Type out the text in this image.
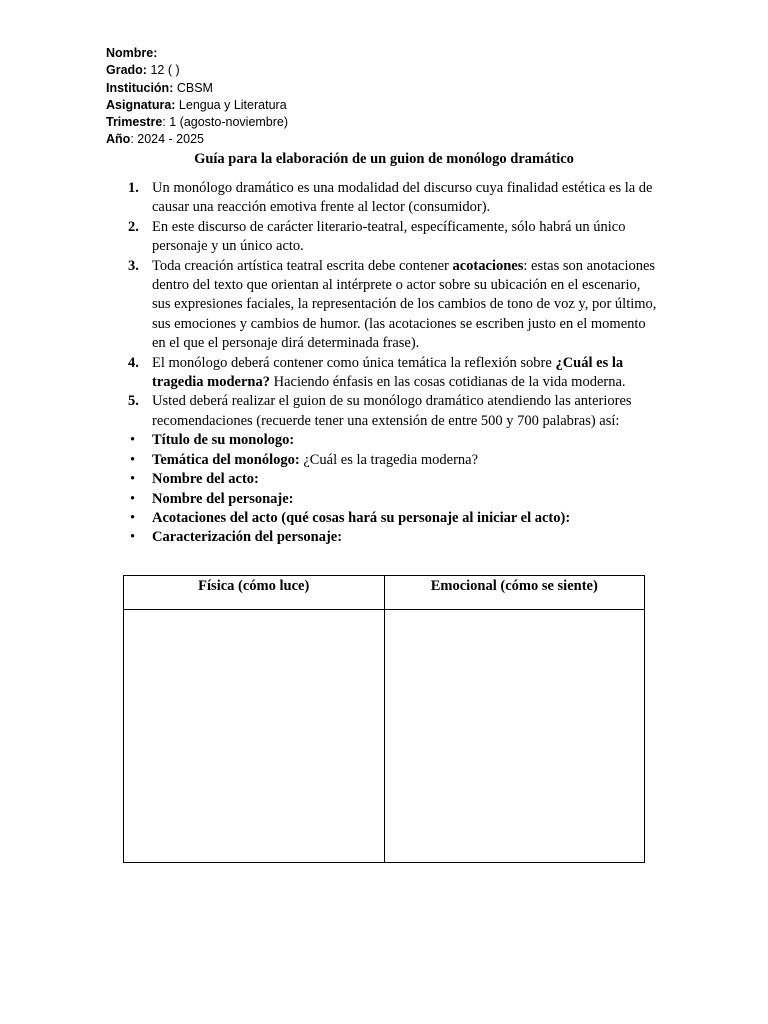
Nombre:
Grado: 12 ( )
Institución: CBSM
Asignatura: Lengua y Literatura
Trimestre: 1 (agosto-noviembre)
Año: 2024 - 2025
Guía para la elaboración de un guion de monólogo dramático
1. Un monólogo dramático es una modalidad del discurso cuya finalidad estética es la de causar una reacción emotiva frente al lector (consumidor).
2. En este discurso de carácter literario-teatral, específicamente, sólo habrá un único personaje y un único acto.
3. Toda creación artística teatral escrita debe contener acotaciones: estas son anotaciones dentro del texto que orientan al intérprete o actor sobre su ubicación en el escenario, sus expresiones faciales, la representación de los cambios de tono de voz y, por último, sus emociones y cambios de humor. (las acotaciones se escriben justo en el momento en el que el personaje dirá determinada frase).
4. El monólogo deberá contener como única temática la reflexión sobre ¿Cuál es la tragedia moderna? Haciendo énfasis en las cosas cotidianas de la vida moderna.
5. Usted deberá realizar el guion de su monólogo dramático atendiendo las anteriores recomendaciones (recuerde tener una extensión de entre 500 y 700 palabras) así:
• Título de su monologo:
• Temática del monólogo: ¿Cuál es la tragedia moderna?
• Nombre del acto:
• Nombre del personaje:
• Acotaciones del acto (qué cosas hará su personaje al iniciar el acto):
• Caracterización del personaje:
Física (cómo luce)	Emocional (cómo se siente)
